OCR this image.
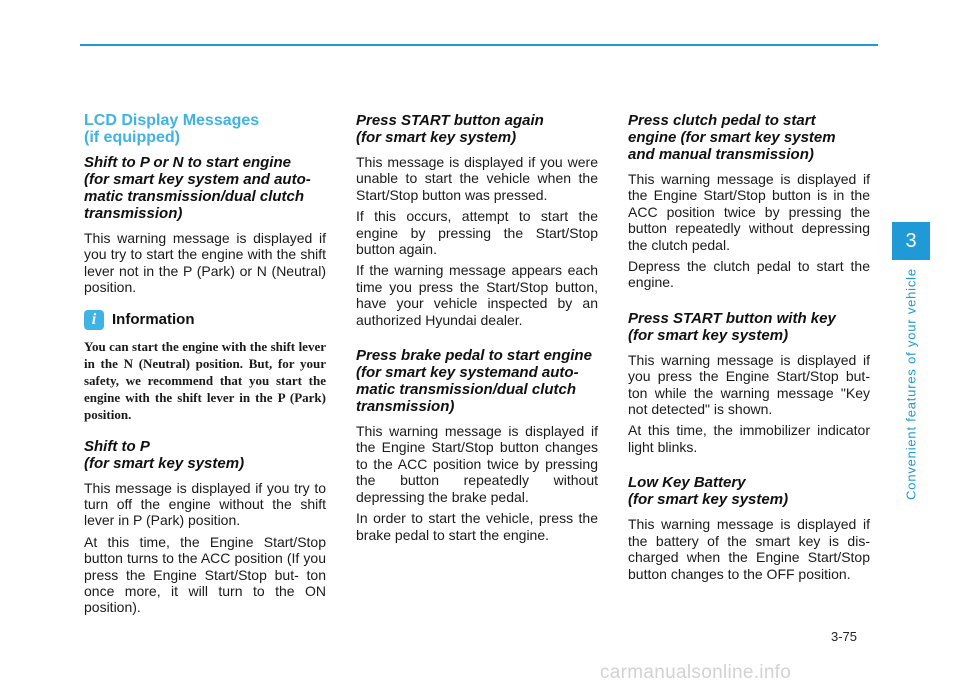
LCD Display Messages
(if equipped)
Shift to P or N to start engine
(for smart key system and auto-
matic transmission/dual clutch
transmission)

This warning message is displayed if you try to start the engine with the shift lever not in the P (Park) or N (Neutral) position.

i	Information

You can start the engine with the shift lever in the N (Neutral) position. But, for your safety, we recommend that you start the engine with the shift lever in the P (Park) position.

Shift to P
(for smart key system)

This message is displayed if you try to turn off the engine without the shift lever in P (Park) position.

At this time, the Engine Start/Stop button turns to the ACC position (If you press the Engine Start/Stop but- ton once more, it will turn to the ON position).

Press START button again
(for smart key system)

This message is displayed if you were unable to start the vehicle when the Start/Stop button was pressed.

If this occurs, attempt to start the engine by pressing the Start/Stop button again.

If the warning message appears each time you press the Start/Stop button, have your vehicle inspected by an authorized Hyundai dealer.

Press brake pedal to start engine
(for smart key systemand auto-
matic transmission/dual clutch
transmission)

This warning message is displayed if the Engine Start/Stop button changes to the ACC position twice by pressing the button repeatedly without depressing the brake pedal.

In order to start the vehicle, press the brake pedal to start the engine.

Press clutch pedal to start
engine (for smart key system
and manual transmission)

This warning message is displayed if the Engine Start/Stop button is in the ACC position twice by pressing the button repeatedly without depressing the clutch pedal.

Depress the clutch pedal to start the engine.

Press START button with key
(for smart key system)

This warning message is displayed if you press the Engine Start/Stop but- ton while the warning message "Key not detected" is shown.

At this time, the immobilizer indicator light blinks.

Low Key Battery
(for smart key system)

This warning message is displayed if the battery of the smart key is dis- charged when the Engine Start/Stop button changes to the OFF position.

3
Convenient features of your vehicle
3-75
carmanualsonline.info
